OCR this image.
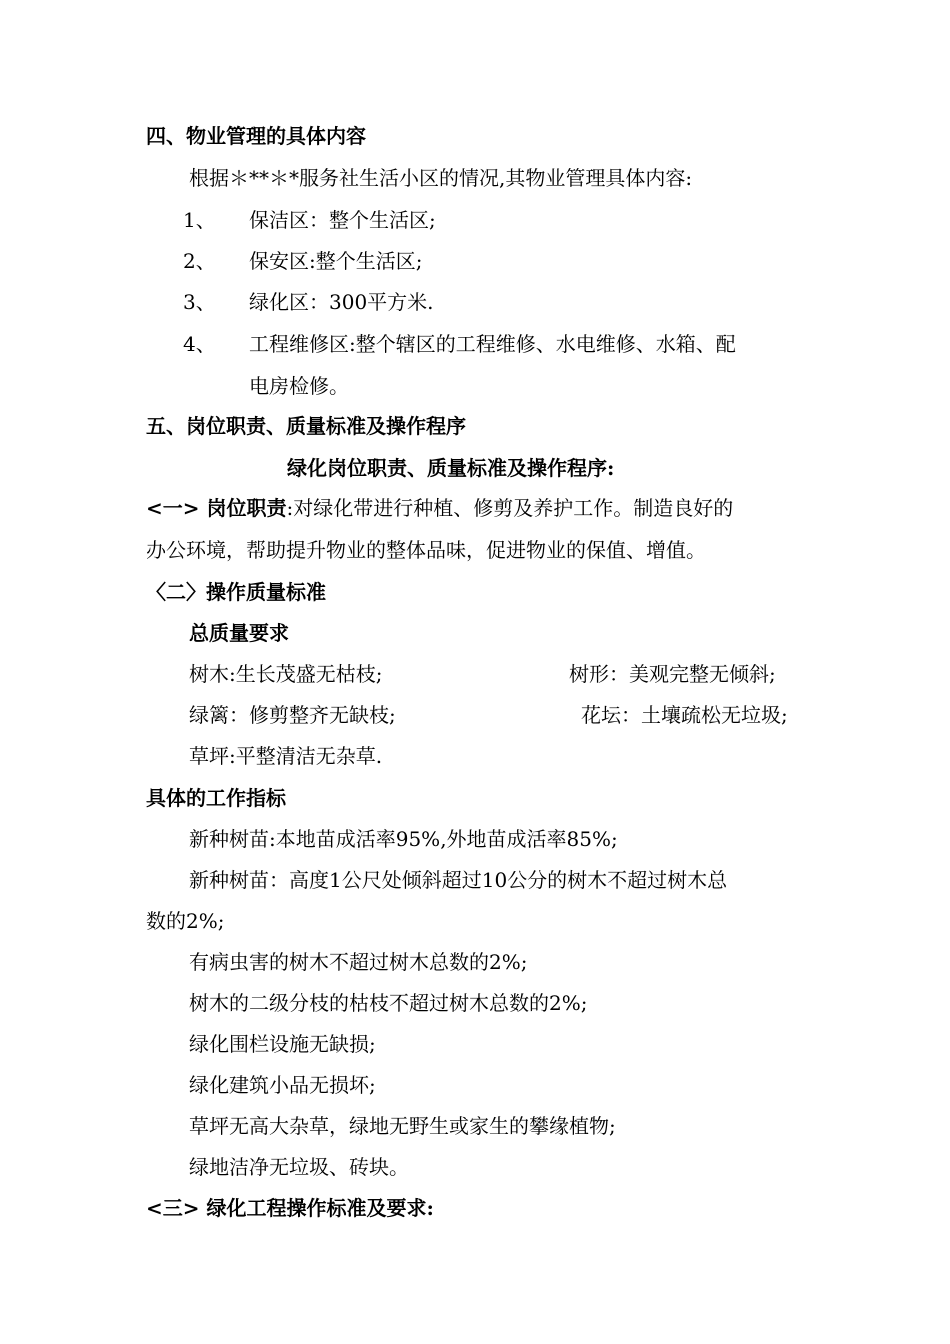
四、物业管理的具体内容
根据＊**＊*服务社生活小区的情况,其物业管理具体内容:
1、 保洁区：整个生活区;
2、 保安区:整个生活区;
3、 绿化区：300平方米.
4、 工程维修区:整个辖区的工程维修、水电维修、水箱、配
电房检修。
五、岗位职责、质量标准及操作程序
绿化岗位职责、质量标准及操作程序:
<一> 岗位职责:对绿化带进行种植、修剪及养护工作。制造良好的
办公环境，帮助提升物业的整体品味，促进物业的保值、增值。
〈二〉操作质量标准
总质量要求
树木:生长茂盛无枯枝;	树形：美观完整无倾斜;
绿篱：修剪整齐无缺枝;	花坛：土壤疏松无垃圾;
草坪:平整清洁无杂草.
具体的工作指标
新种树苗:本地苗成活率95%,外地苗成活率85%;
新种树苗：高度1公尺处倾斜超过10公分的树木不超过树木总
数的2%;
有病虫害的树木不超过树木总数的2%;
树木的二级分枝的枯枝不超过树木总数的2%;
绿化围栏设施无缺损;
绿化建筑小品无损坏;
草坪无高大杂草，绿地无野生或家生的攀缘植物;
绿地洁净无垃圾、砖块。
<三> 绿化工程操作标准及要求:
